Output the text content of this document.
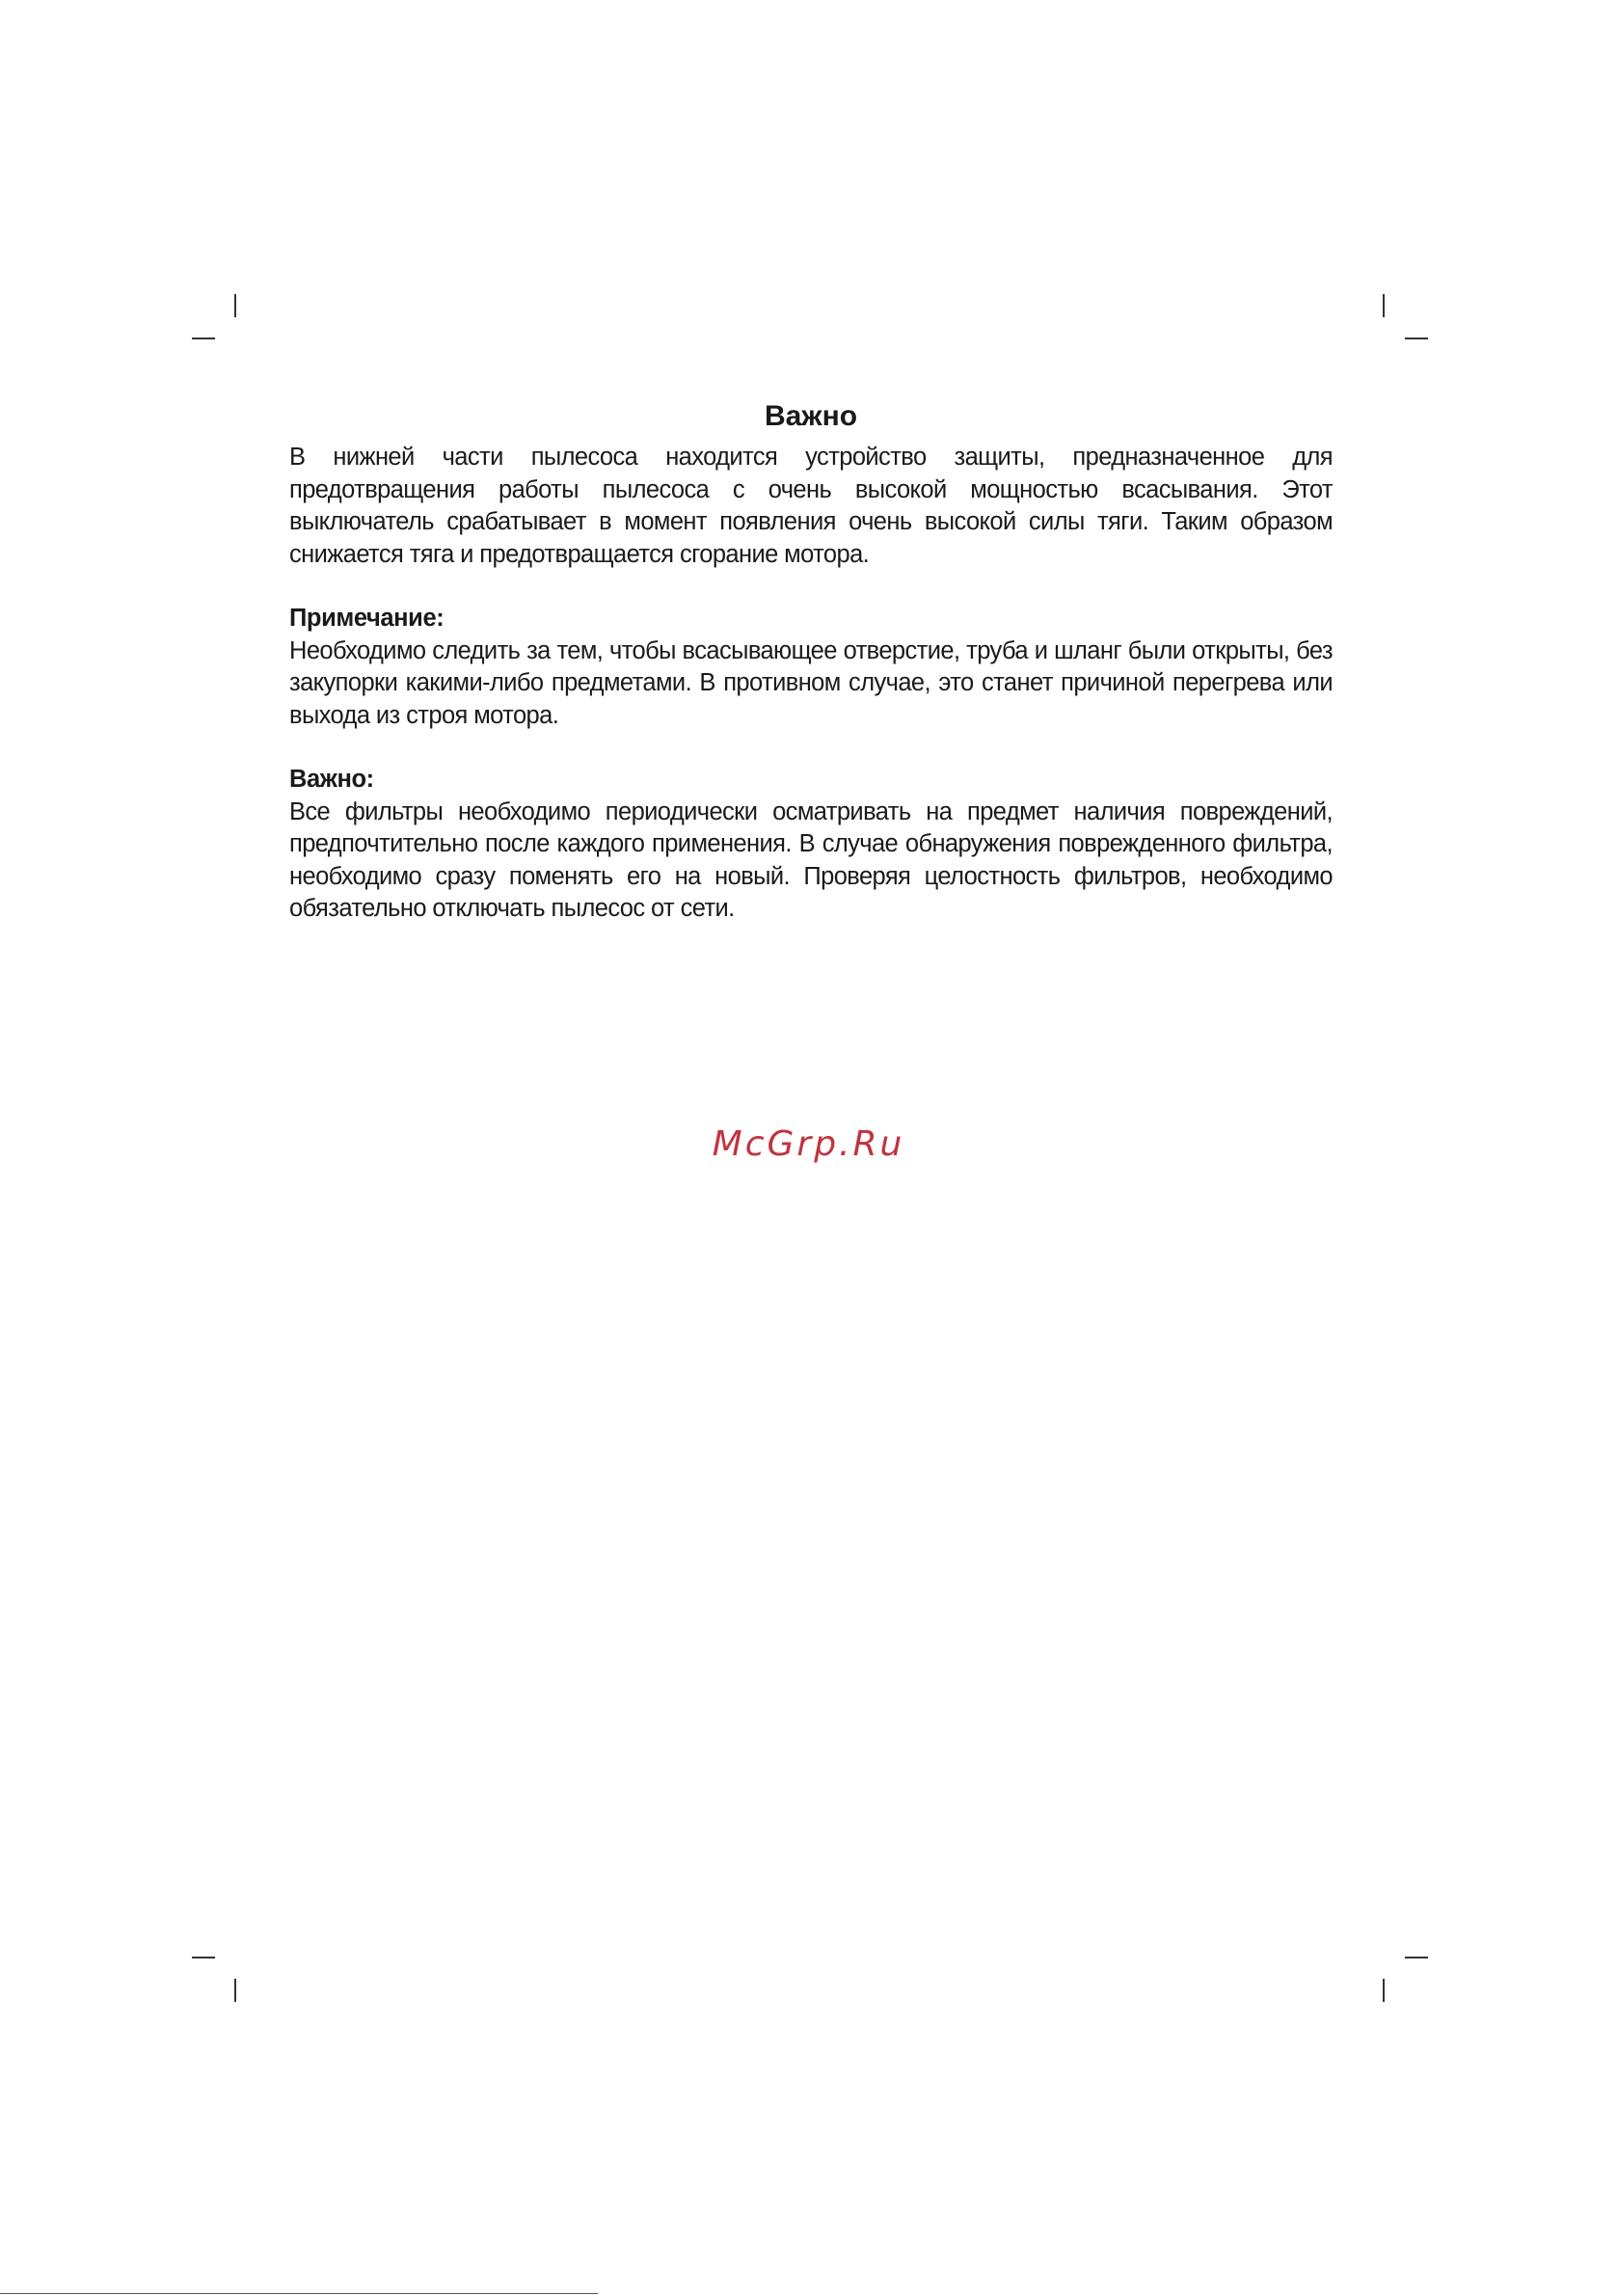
Важно

В нижней части пылесоса находится устройство защиты, предназначенное для предотвращения работы пылесоса с очень высокой мощностью всасывания. Этот выключатель срабатывает в момент появления очень высокой силы тяги. Таким образом снижается тяга и предотвращается сгорание мотора.

Примечание:

Необходимо следить за тем, чтобы всасывающее отверстие, труба и шланг были открыты, без закупорки какими-либо предметами. В противном случае, это станет причиной перегрева или выхода из строя мотора.

Важно:

Все фильтры необходимо периодически осматривать на предмет наличия повреждений, предпочтительно после каждого применения. В случае обнаружения поврежденного фильтра, необходимо сразу поменять его на новый. Проверяя целостность фильтров, необходимо обязательно отключать пылесос от сети.

McGrp.Ru
